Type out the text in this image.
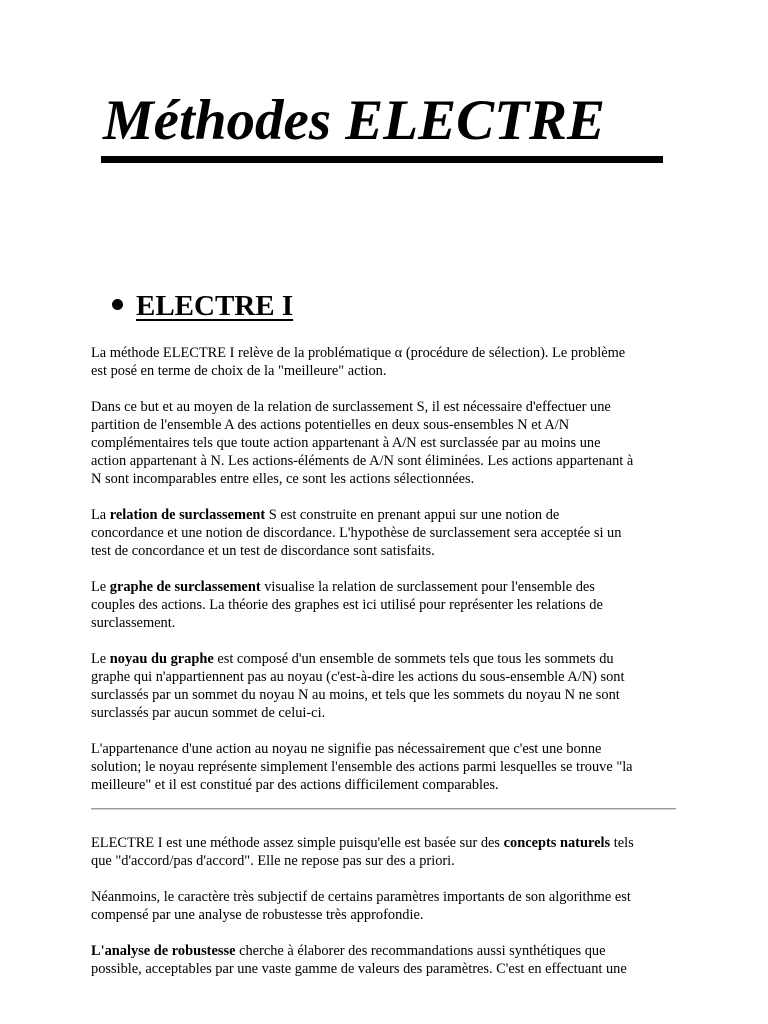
Méthodes ELECTRE
ELECTRE I

La méthode ELECTRE I relève de la problématique α (procédure de sélection). Le problème
est posé en terme de choix de la "meilleure" action.

Dans ce but et au moyen de la relation de surclassement S, il est nécessaire d'effectuer une
partition de l'ensemble A des actions potentielles en deux sous-ensembles N et A/N
complémentaires tels que toute action appartenant à A/N est surclassée par au moins une
action appartenant à N. Les actions-éléments de A/N sont éliminées. Les actions appartenant à
N sont incomparables entre elles, ce sont les actions sélectionnées.

La relation de surclassement S est construite en prenant appui sur une notion de
concordance et une notion de discordance. L'hypothèse de surclassement sera acceptée si un
test de concordance et un test de discordance sont satisfaits.

Le graphe de surclassement visualise la relation de surclassement pour l'ensemble des
couples des actions. La théorie des graphes est ici utilisé pour représenter les relations de
surclassement.

Le noyau du graphe est composé d'un ensemble de sommets tels que tous les sommets du
graphe qui n'appartiennent pas au noyau (c'est-à-dire les actions du sous-ensemble A/N) sont
surclassés par un sommet du noyau N au moins, et tels que les sommets du noyau N ne sont
surclassés par aucun sommet de celui-ci.

L'appartenance d'une action au noyau ne signifie pas nécessairement que c'est une bonne
solution; le noyau représente simplement l'ensemble des actions parmi lesquelles se trouve "la
meilleure" et il est constitué par des actions difficilement comparables.

ELECTRE I est une méthode assez simple puisqu'elle est basée sur des concepts naturels tels
que "d'accord/pas d'accord". Elle ne repose pas sur des a priori.

Néanmoins, le caractère très subjectif de certains paramètres importants de son algorithme est
compensé par une analyse de robustesse très approfondie.

L'analyse de robustesse cherche à élaborer des recommandations aussi synthétiques que
possible, acceptables par une vaste gamme de valeurs des paramètres. C'est en effectuant une
